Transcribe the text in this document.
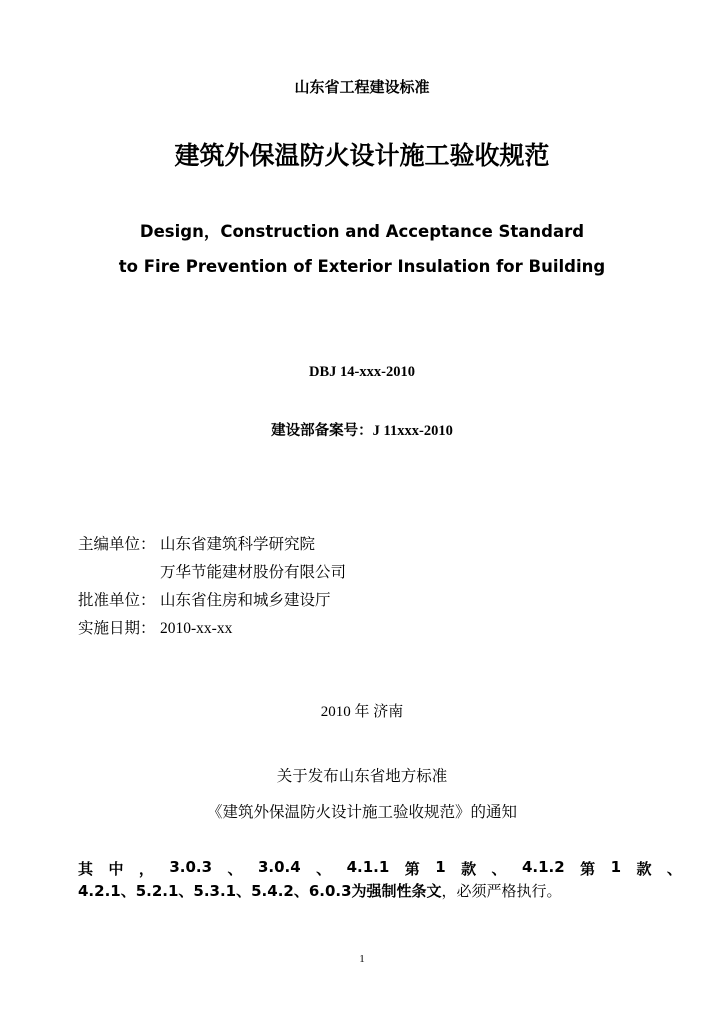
山东省工程建设标准
建筑外保温防火设计施工验收规范
Design，Construction and Acceptance Standard
to Fire Prevention of Exterior Insulation for Building
DBJ 14-xxx-2010
建设部备案号：J 11xxx-2010
主编单位： 山东省建筑科学研究院
万华节能建材股份有限公司
批准单位： 山东省住房和城乡建设厅
实施日期： 2010-xx-xx
2010 年 济南
关于发布山东省地方标准
《建筑外保温防火设计施工验收规范》的通知
其 中 ， 3.0.3 、 3.0.4 、 4.1.1 第 1 款 、 4.1.2 第 1 款 、
4.2.1、5.2.1、5.3.1、5.4.2、6.0.3为强制性条文，必须严格执行。
1
